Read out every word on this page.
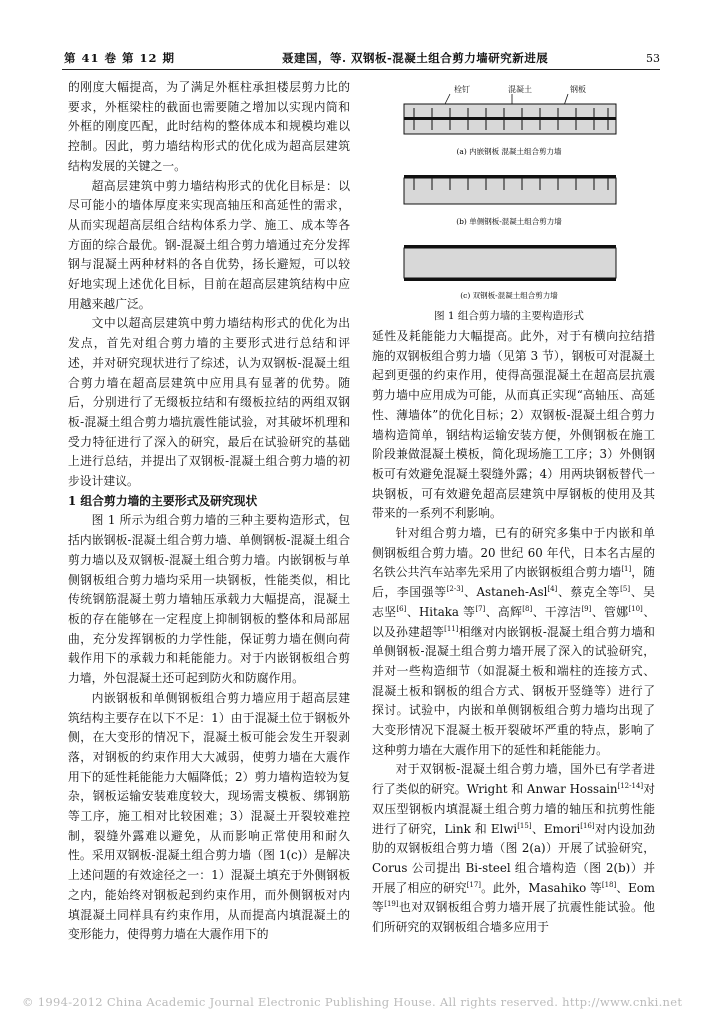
第 41 卷 第 12 期	聂建国，等. 双钢板-混凝土组合剪力墙研究新进展	53

的刚度大幅提高，为了满足外框柱承担楼层剪力比的要求，外框梁柱的截面也需要随之增加以实现内筒和外框的刚度匹配，此时结构的整体成本和规模均难以控制。因此，剪力墙结构形式的优化成为超高层建筑结构发展的关键之一。

超高层建筑中剪力墙结构形式的优化目标是：以尽可能小的墙体厚度来实现高轴压和高延性的需求，从而实现超高层组合结构体系力学、施工、成本等各方面的综合最优。钢-混凝土组合剪力墙通过充分发挥钢与混凝土两种材料的各自优势，扬长避短，可以较好地实现上述优化目标，目前在超高层建筑结构中应用越来越广泛。

文中以超高层建筑中剪力墙结构形式的优化为出发点，首先对组合剪力墙的主要形式进行总结和评述，并对研究现状进行了综述，认为双钢板-混凝土组合剪力墙在超高层建筑中应用具有显著的优势。随后，分别进行了无缀板拉结和有缀板拉结的两组双钢板-混凝土组合剪力墙抗震性能试验，对其破坏机理和受力特征进行了深入的研究，最后在试验研究的基础上进行总结，并提出了双钢板-混凝土组合剪力墙的初步设计建议。

1 组合剪力墙的主要形式及研究现状

图 1 所示为组合剪力墙的三种主要构造形式，包括内嵌钢板-混凝土组合剪力墙、单侧钢板-混凝土组合剪力墙以及双钢板-混凝土组合剪力墙。内嵌钢板与单侧钢板组合剪力墙均采用一块钢板，性能类似，相比传统钢筋混凝土剪力墙轴压承载力大幅提高，混凝土板的存在能够在一定程度上抑制钢板的整体和局部屈曲，充分发挥钢板的力学性能，保证剪力墙在侧向荷载作用下的承载力和耗能能力。对于内嵌钢板组合剪力墙，外包混凝土还可起到防火和防腐作用。

内嵌钢板和单侧钢板组合剪力墙应用于超高层建筑结构主要存在以下不足：1）由于混凝土位于钢板外侧，在大变形的情况下，混凝土板可能会发生开裂剥落，对钢板的约束作用大大减弱，使剪力墙在大震作用下的延性耗能能力大幅降低；2）剪力墙构造较为复杂，钢板运输安装难度较大，现场需支模板、绑钢筋等工序，施工相对比较困难；3）混凝土开裂较难控制，裂缝外露难以避免，从而影响正常使用和耐久性。采用双钢板-混凝土组合剪力墙（图 1(c)）是解决上述问题的有效途径之一：1）混凝土填充于外侧钢板之内，能始终对钢板起到约束作用，而外侧钢板对内填混凝土同样具有约束作用，从而提高内填混凝土的变形能力，使得剪力墙在大震作用下的

栓钉	混凝土	钢板
(a) 内嵌钢板 混凝土组合剪力墙
(b) 单侧钢板-混凝土组合剪力墙
(c) 双钢板-混凝土组合剪力墙
图 1 组合剪力墙的主要构造形式

延性及耗能能力大幅提高。此外，对于有横向拉结措施的双钢板组合剪力墙（见第 3 节），钢板可对混凝土起到更强的约束作用，使得高强混凝土在超高层抗震剪力墙中应用成为可能，从而真正实现“高轴压、高延性、薄墙体”的优化目标；2）双钢板-混凝土组合剪力墙构造简单，钢结构运输安装方便，外侧钢板在施工阶段兼做混凝土模板，简化现场施工工序；3）外侧钢板可有效避免混凝土裂缝外露；4）用两块钢板替代一块钢板，可有效避免超高层建筑中厚钢板的使用及其带来的一系列不利影响。

针对组合剪力墙，已有的研究多集中于内嵌和单侧钢板组合剪力墙。20 世纪 60 年代，日本名古屋的名铁公共汽车站率先采用了内嵌钢板组合剪力墙[1]，随后，李国强等[2-3]、Astaneh-Asl[4]、蔡克全等[5]、吴志坚[6]、Hitaka 等[7]、高辉[8]、干淳洁[9]、管娜[10]、以及孙建超等[11]相继对内嵌钢板-混凝土组合剪力墙和单侧钢板-混凝土组合剪力墙开展了深入的试验研究，并对一些构造细节（如混凝土板和端柱的连接方式、混凝土板和钢板的组合方式、钢板开竖缝等）进行了探讨。试验中，内嵌和单侧钢板组合剪力墙均出现了大变形情况下混凝土板开裂破坏严重的特点，影响了这种剪力墙在大震作用下的延性和耗能能力。

对于双钢板-混凝土组合剪力墙，国外已有学者进行了类似的研究。Wright 和 Anwar Hossain[12-14]对双压型钢板内填混凝土组合剪力墙的轴压和抗剪性能进行了研究，Link 和 Elwi[15]、Emori[16]对内设加劲肋的双钢板组合剪力墙（图 2(a)）开展了试验研究，Corus 公司提出 Bi-steel 组合墙构造（图 2(b)）并开展了相应的研究[17]。此外，Masahiko 等[18]、Eom 等[19]也对双钢板组合剪力墙开展了抗震性能试验。他们所研究的双钢板组合墙多应用于

© 1994-2012 China Academic Journal Electronic Publishing House. All rights reserved. http://www.cnki.net
